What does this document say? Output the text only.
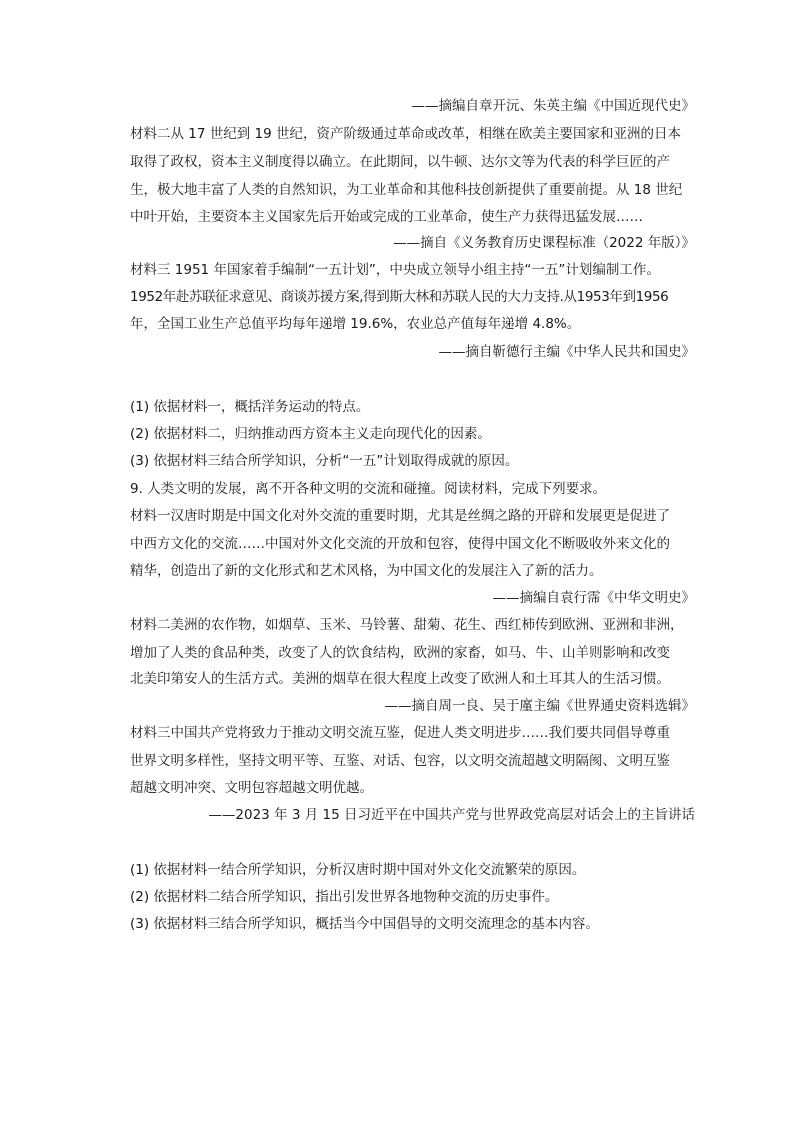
——摘编自章开沅、朱英主编《中国近现代史》
材料二从 17 世纪到 19 世纪，资产阶级通过革命或改革，相继在欧美主要国家和亚洲的日本
取得了政权，资本主义制度得以确立。在此期间，以牛顿、达尔文等为代表的科学巨匠的产
生，极大地丰富了人类的自然知识，为工业革命和其他科技创新提供了重要前提。从 18 世纪
中叶开始，主要资本主义国家先后开始或完成的工业革命，使生产力获得迅猛发展……
——摘自《义务教育历史课程标准（2022 年版）》
材料三 1951 年国家着手编制“一五计划”，中央成立领导小组主持“一五”计划编制工作。
1952年赴苏联征求意见、商谈苏援方案,得到斯大林和苏联人民的大力支持.从1953年到1956
年，全国工业生产总值平均每年递增 19.6%，农业总产值每年递增 4.8%。
——摘自靳德行主编《中华人民共和国史》
(1) 依据材料一，概括洋务运动的特点。
(2) 依据材料二，归纳推动西方资本主义走向现代化的因素。
(3) 依据材料三结合所学知识，分析“一五”计划取得成就的原因。
9. 人类文明的发展，离不开各种文明的交流和碰撞。阅读材料，完成下列要求。
材料一汉唐时期是中国文化对外交流的重要时期，尤其是丝绸之路的开辟和发展更是促进了
中西方文化的交流……中国对外文化交流的开放和包容，使得中国文化不断吸收外来文化的
精华，创造出了新的文化形式和艺术风格，为中国文化的发展注入了新的活力。
——摘编自袁行霈《中华文明史》
材料二美洲的农作物，如烟草、玉米、马铃薯、甜菊、花生、西红柿传到欧洲、亚洲和非洲，
增加了人类的食品种类，改变了人的饮食结构，欧洲的家畜，如马、牛、山羊则影响和改变
北美印第安人的生活方式。美洲的烟草在很大程度上改变了欧洲人和土耳其人的生活习惯。
——摘自周一良、吴于廑主编《世界通史资料选辑》
材料三中国共产党将致力于推动文明交流互鉴，促进人类文明进步……我们要共同倡导尊重
世界文明多样性，坚持文明平等、互鉴、对话、包容，以文明交流超越文明隔阂、文明互鉴
超越文明冲突、文明包容超越文明优越。
——2023 年 3 月 15 日习近平在中国共产党与世界政党高层对话会上的主旨讲话
(1) 依据材料一结合所学知识，分析汉唐时期中国对外文化交流繁荣的原因。
(2) 依据材料二结合所学知识，指出引发世界各地物种交流的历史事件。
(3) 依据材料三结合所学知识，概括当今中国倡导的文明交流理念的基本内容。
